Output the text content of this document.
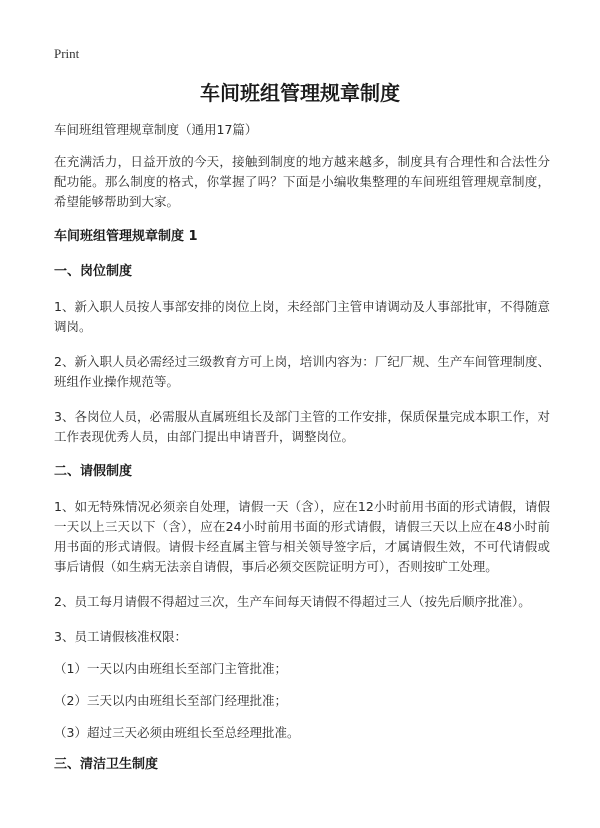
Print
车间班组管理规章制度

车间班组管理规章制度（通用17篇）

在充满活力，日益开放的今天，接触到制度的地方越来越多，制度具有合理性和合法性分配功能。那么制度的格式，你掌握了吗？下面是小编收集整理的车间班组管理规章制度，希望能够帮助到大家。

车间班组管理规章制度 1

一、岗位制度

1、新入职人员按人事部安排的岗位上岗，未经部门主管申请调动及人事部批审，不得随意调岗。

2、新入职人员必需经过三级教育方可上岗，培训内容为：厂纪厂规、生产车间管理制度、班组作业操作规范等。

3、各岗位人员，必需服从直属班组长及部门主管的工作安排，保质保量完成本职工作，对工作表现优秀人员，由部门提出申请晋升，调整岗位。

二、请假制度

1、如无特殊情况必须亲自处理，请假一天（含），应在12小时前用书面的形式请假，请假一天以上三天以下（含），应在24小时前用书面的形式请假，请假三天以上应在48小时前用书面的形式请假。请假卡经直属主管与相关领导签字后，才属请假生效，不可代请假或事后请假（如生病无法亲自请假，事后必须交医院证明方可），否则按旷工处理。

2、员工每月请假不得超过三次，生产车间每天请假不得超过三人（按先后顺序批准）。

3、员工请假核准权限：

（1）一天以内由班组长至部门主管批准；

（2）三天以内由班组长至部门经理批准；

（3）超过三天必须由班组长至总经理批准。

三、清洁卫生制度
